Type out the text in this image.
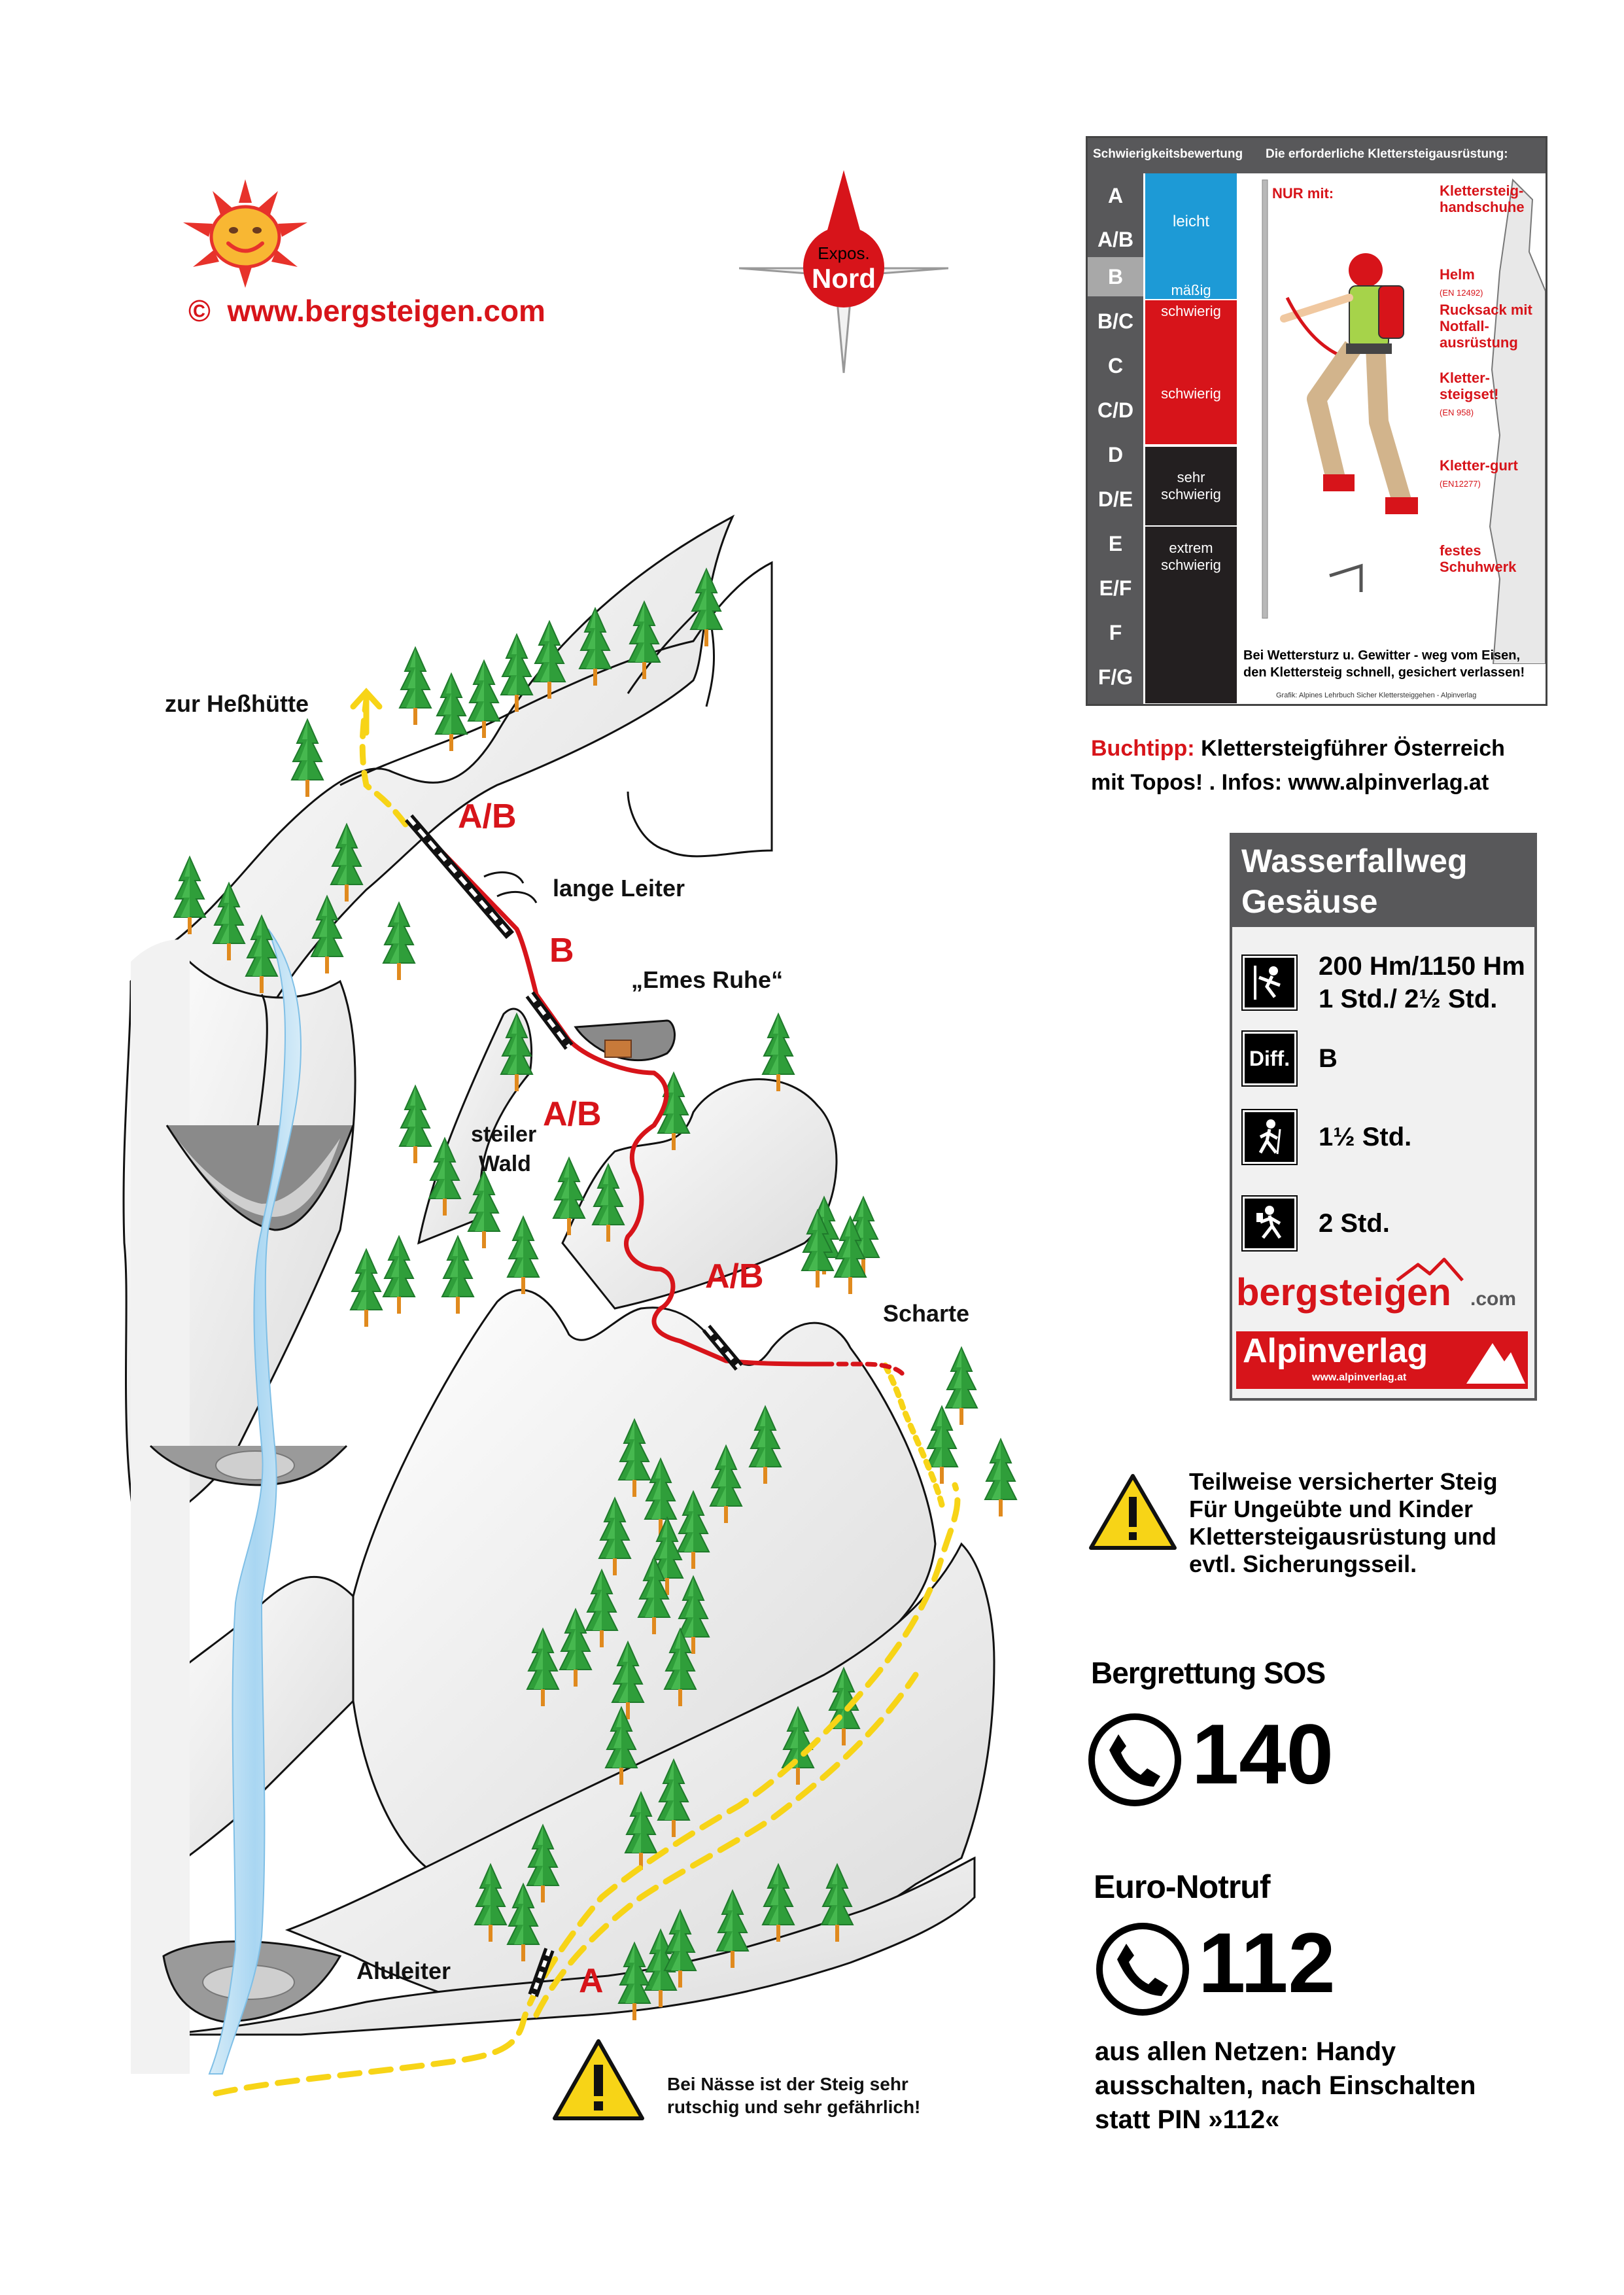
©  www.bergsteigen.com
Expos.
Nord
Schwierigkeitsbewertung Die erforderliche Klettersteigausrüstung:
A
A/B
B
B/C
C
C/D
D
D/E
E
E/F
F
F/G
leicht
mäßig
schwierig
schwierig
sehr schwierig
extrem schwierig
NUR mit:	Klettersteig-handschuhe
Helm
(EN 12492)
Rucksack mit Notfall-ausrüstung
Kletter-steigset!
(EN 958)
Kletter-gurt
(EN12277)
festes Schuhwerk
Bei Wettersturz u. Gewitter - weg vom Eisen, den Klettersteig schnell, gesichert verlassen!
Grafik: Alpines Lehrbuch Sicher Klettersteiggehen - Alpinverlag
Buchtipp: Klettersteigführer Österreich
mit Topos! . Infos: www.alpinverlag.at
Wasserfallweg
Gesäuse
200 Hm/1150 Hm
1 Std./ 2½ Std.
Diff. B
1½ Std.
2 Std.
bergsteigen .com
Alpinverlag
www.alpinverlag.at
Teilweise versicherter Steig
Für Ungeübte und Kinder
Klettersteigausrüstung und
evtl. Sicherungsseil.
Bergrettung SOS
140
Euro-Notruf
112
aus allen Netzen: Handy
ausschalten, nach Einschalten
statt PIN »112«
zur Heßhütte
lange Leiter
„Emes Ruhe“
steiler
Wald
Scharte
Aluleiter
A/B
B
A/B
A/B
A
Bei Nässe ist der Steig sehr
rutschig und sehr gefährlich!
